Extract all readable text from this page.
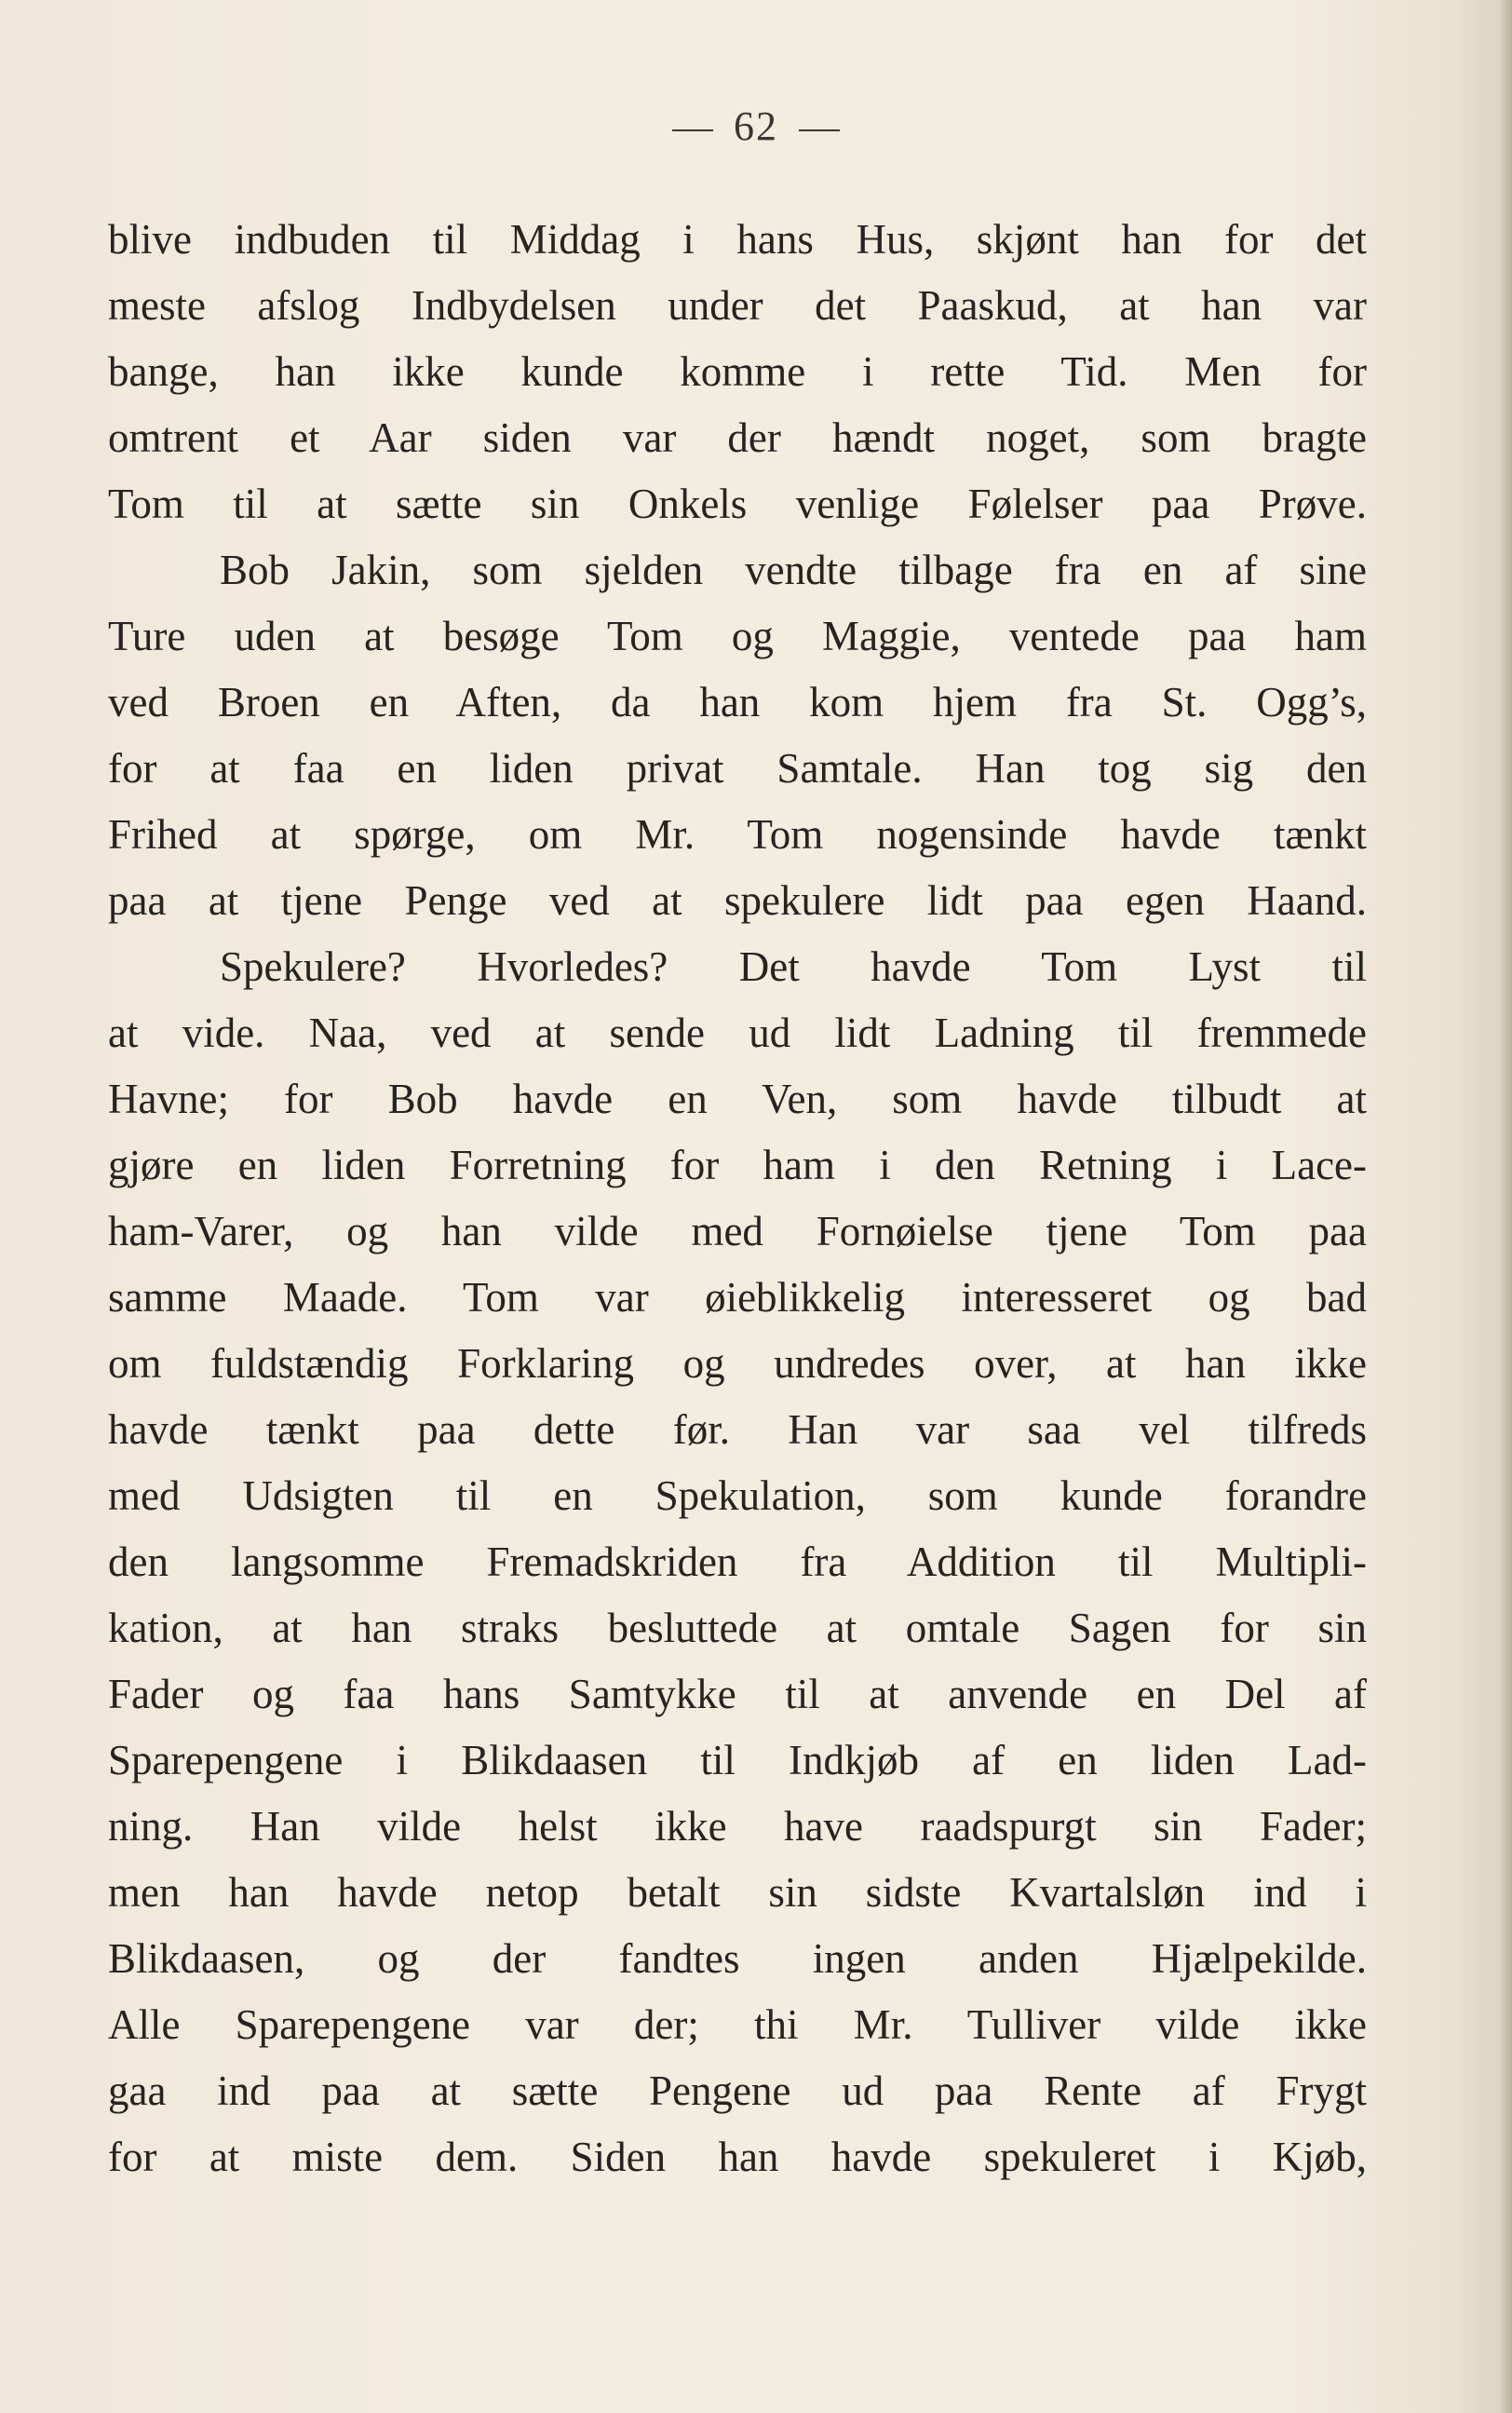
62
blive indbuden til Middag i hans Hus, skjønt han for det
meste afslog Indbydelsen under det Paaskud, at han var
bange, han ikke kunde komme i rette Tid. Men for
omtrent et Aar siden var der hændt noget, som bragte
Tom til at sætte sin Onkels venlige Følelser paa Prøve.
Bob Jakin, som sjelden vendte tilbage fra en af sine
Ture uden at besøge Tom og Maggie, ventede paa ham
ved Broen en Aften, da han kom hjem fra St. Ogg’s,
for at faa en liden privat Samtale. Han tog sig den
Frihed at spørge, om Mr. Tom nogensinde havde tænkt
paa at tjene Penge ved at spekulere lidt paa egen Haand.
Spekulere? Hvorledes? Det havde Tom Lyst til
at vide. Naa, ved at sende ud lidt Ladning til fremmede
Havne; for Bob havde en Ven, som havde tilbudt at
gjøre en liden Forretning for ham i den Retning i Lace-
ham-Varer, og han vilde med Fornøielse tjene Tom paa
samme Maade. Tom var øieblikkelig interesseret og bad
om fuldstændig Forklaring og undredes over, at han ikke
havde tænkt paa dette før. Han var saa vel tilfreds
med Udsigten til en Spekulation, som kunde forandre
den langsomme Fremadskriden fra Addition til Multipli-
kation, at han straks besluttede at omtale Sagen for sin
Fader og faa hans Samtykke til at anvende en Del af
Sparepengene i Blikdaasen til Indkjøb af en liden Lad-
ning. Han vilde helst ikke have raadspurgt sin Fader;
men han havde netop betalt sin sidste Kvartalsløn ind i
Blikdaasen, og der fandtes ingen anden Hjælpekilde.
Alle Sparepengene var der; thi Mr. Tulliver vilde ikke
gaa ind paa at sætte Pengene ud paa Rente af Frygt
for at miste dem. Siden han havde spekuleret i Kjøb,
